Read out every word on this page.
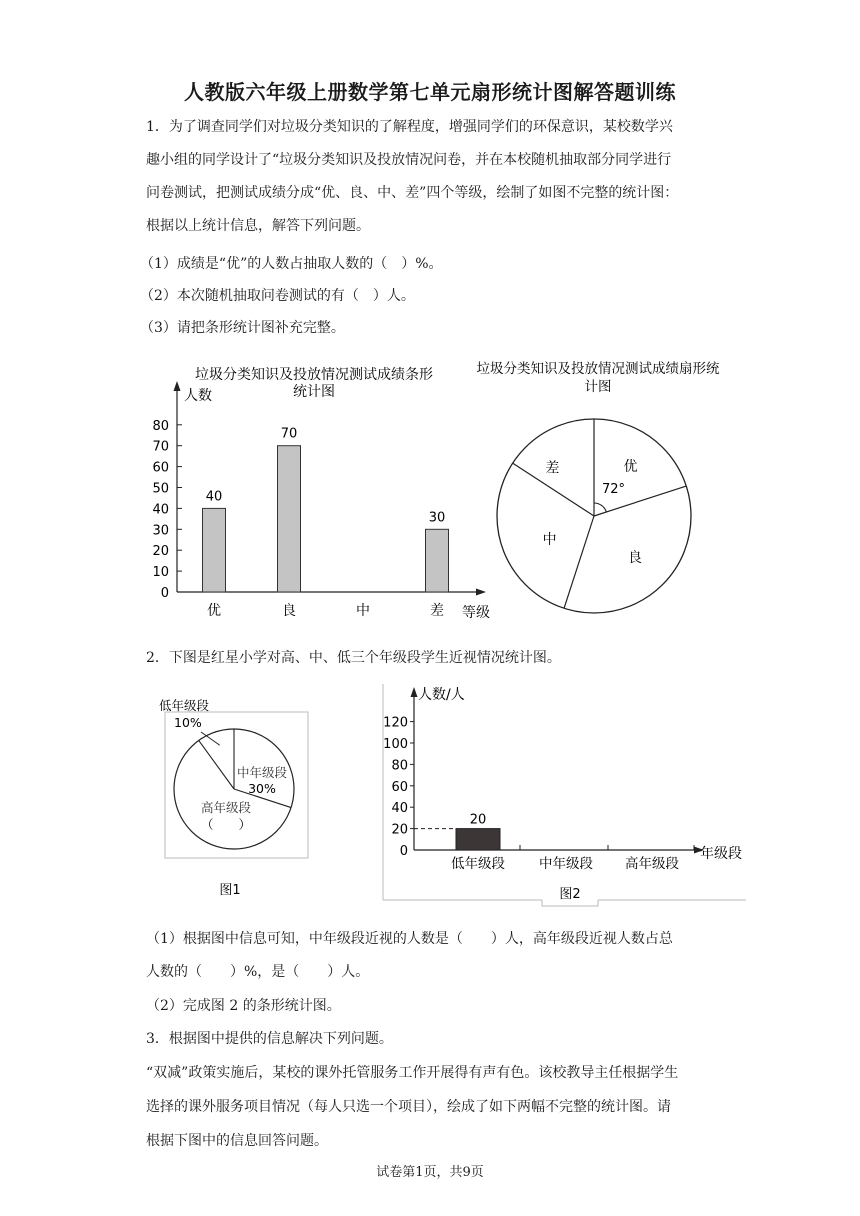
人教版六年级上册数学第七单元扇形统计图解答题训练
1．为了调查同学们对垃圾分类知识的了解程度，增强同学们的环保意识，某校数学兴
趣小组的同学设计了“垃圾分类知识及投放情况问卷，并在本校随机抽取部分同学进行
问卷测试，把测试成绩分成“优、良、中、差”四个等级，绘制了如图不完整的统计图：
根据以上统计信息，解答下列问题。
（1）成绩是“优”的人数占抽取人数的（　）%。
（2）本次随机抽取问卷测试的有（　）人。
（3）请把条形统计图补充完整。
垃圾分类知识及投放情况测试成绩条形
统计图
人数
等级
0
10
20
30
40
50
60
70
80
优
40
良
70
中	差
30
垃圾分类知识及投放情况测试成绩扇形统
计图
优
良
中
差
72°
2．下图是红星小学对高、中、低三个年级段学生近视情况统计图。
低年级段
10%
中年级段
30%
高年级段
（　　）
图1	图2
人数/人
年级段
0
20
40
60
80
100
120
低年级段
20
中年级段 高年级段
（1）根据图中信息可知，中年级段近视的人数是（　　）人，高年级段近视人数占总
人数的（　　）%，是（　　）人。
（2）完成图 2 的条形统计图。
3．根据图中提供的信息解决下列问题。
“双减”政策实施后，某校的课外托管服务工作开展得有声有色。该校教导主任根据学生
选择的课外服务项目情况（每人只选一个项目），绘成了如下两幅不完整的统计图。请
根据下图中的信息回答问题。
试卷第1页，共9页
